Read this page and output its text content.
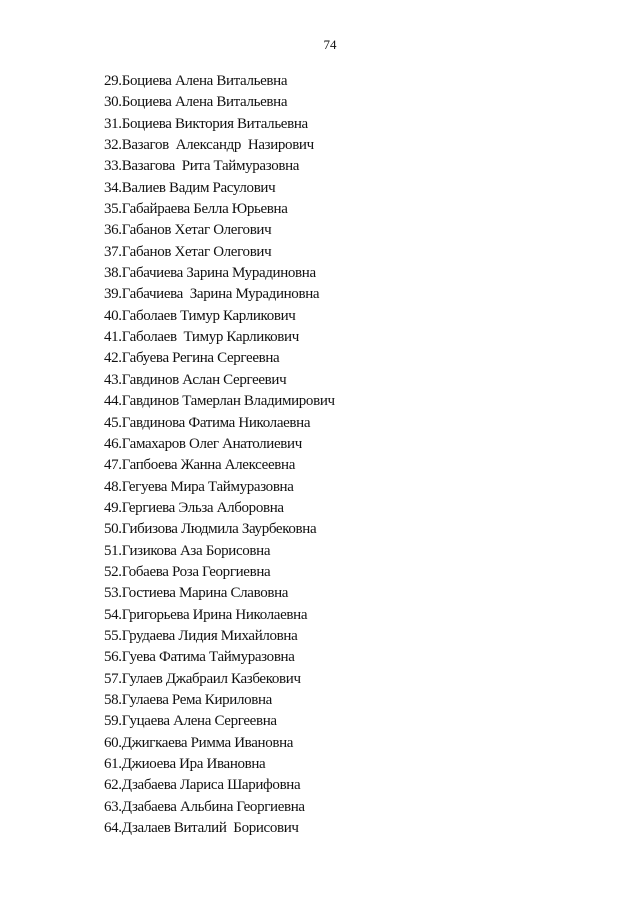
74
29.Боциева Алена Витальевна
30.Боциева Алена Витальевна
31.Боциева Виктория Витальевна
32.Вазагов  Александр  Назирович
33.Вазагова  Рита Таймуразовна
34.Валиев Вадим Расулович
35.Габайраева Белла Юрьевна
36.Габанов Хетаг Олегович
37.Габанов Хетаг Олегович
38.Габачиева Зарина Мурадиновна
39.Габачиева  Зарина Мурадиновна
40.Габолаев Тимур Карликович
41.Габолаев  Тимур Карликович
42.Габуева Регина Сергеевна
43.Гавдинов Аслан Сергеевич
44.Гавдинов Тамерлан Владимирович
45.Гавдинова Фатима Николаевна
46.Гамахаров Олег Анатолиевич
47.Гапбоева Жанна Алексеевна
48.Гегуева Мира Таймуразовна
49.Гергиева Эльза Алборовна
50.Гибизова Людмила Заурбековна
51.Гизикова Аза Борисовна
52.Гобаева Роза Георгиевна
53.Гостиева Марина Славовна
54.Григорьева Ирина Николаевна
55.Грудаева Лидия Михайловна
56.Гуева Фатима Таймуразовна
57.Гулаев Джабраил Казбекович
58.Гулаева Рема Кириловна
59.Гуцаева Алена Сергеевна
60.Джигкаева Римма Ивановна
61.Джиоева Ира Ивановна
62.Дзабаева Лариса Шарифовна
63.Дзабаева Альбина Георгиевна
64.Дзалаев Виталий  Борисович
